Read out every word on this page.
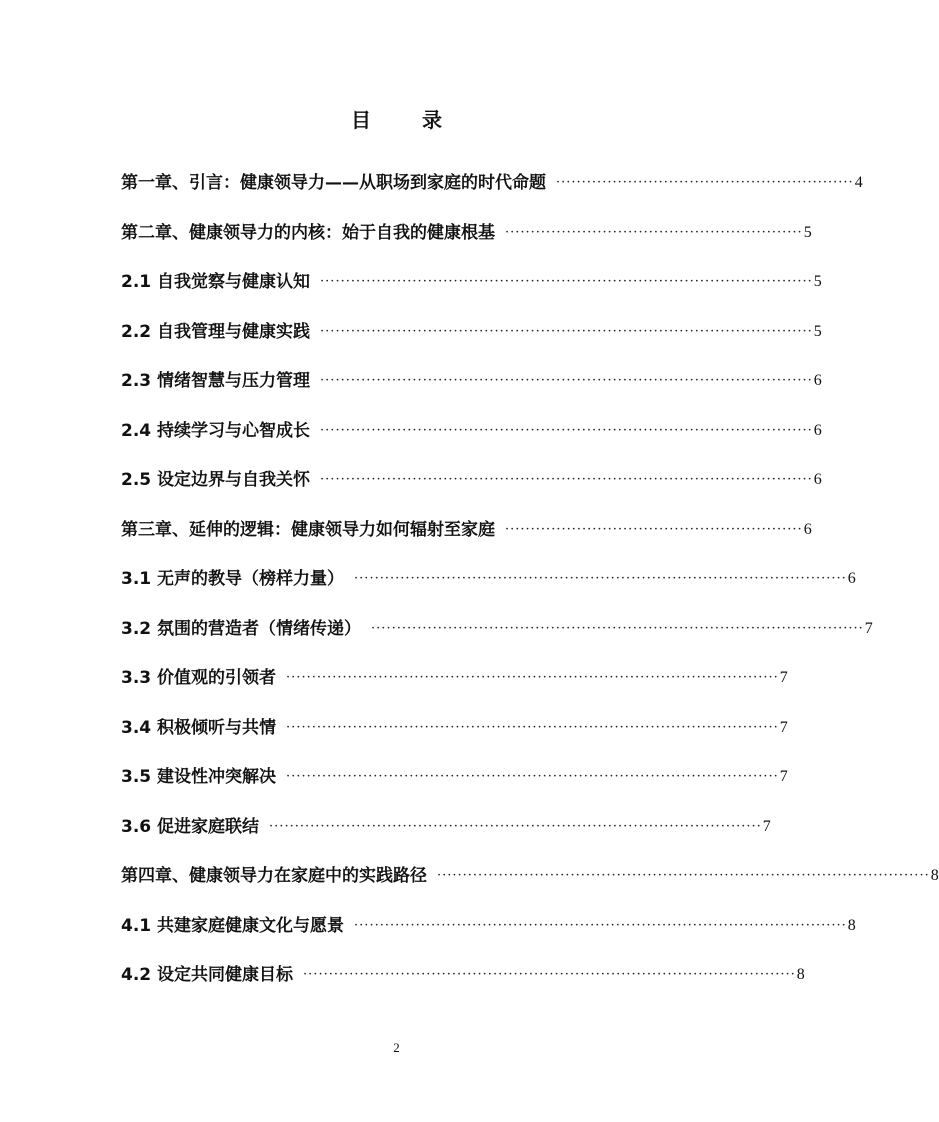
目 录
第一章、引言：健康领导力——从职场到家庭的时代命题 ·························································· 4
第二章、健康领导力的内核：始于自我的健康根基 ·························································· 5
2.1 自我觉察与健康认知 ································································································ 5
2.2 自我管理与健康实践 ································································································ 5
2.3 情绪智慧与压力管理 ································································································ 6
2.4 持续学习与心智成长 ································································································ 6
2.5 设定边界与自我关怀 ································································································ 6
第三章、延伸的逻辑：健康领导力如何辐射至家庭 ·························································· 6
3.1 无声的教导（榜样力量） ································································································ 6
3.2 氛围的营造者（情绪传递） ································································································ 7
3.3 价值观的引领者 ································································································ 7
3.4 积极倾听与共情 ································································································ 7
3.5 建设性冲突解决 ································································································ 7
3.6 促进家庭联结 ································································································ 7
第四章、健康领导力在家庭中的实践路径 ································································································ 8
4.1 共建家庭健康文化与愿景 ································································································ 8
4.2 设定共同健康目标 ································································································ 8
2
